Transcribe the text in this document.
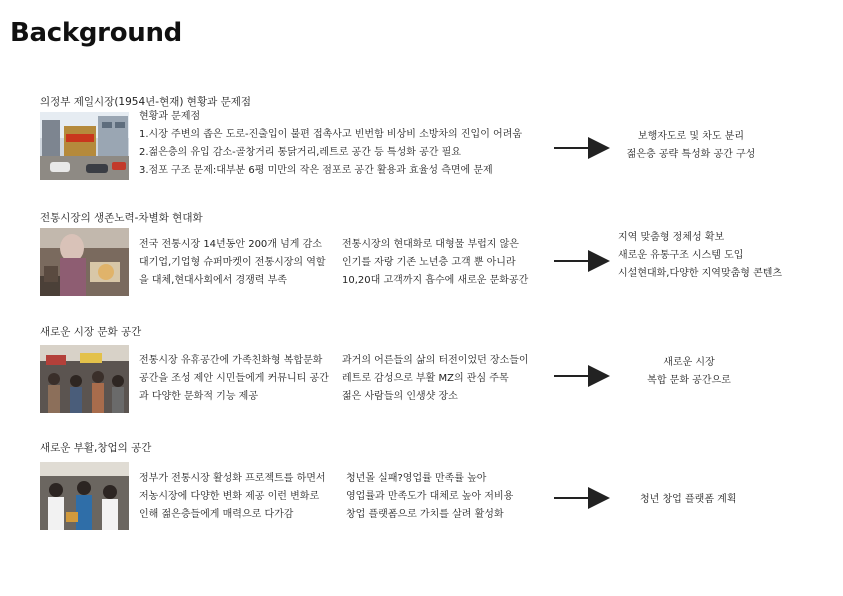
Background
의정부 제일시장(1954년-현재) 현황과 문제점
현황과 문제점
1.시장 주변의 좁은 도로-진출입이 불편 접촉사고 빈번함 비상비 소방차의 진입이 어려움
2.젊은층의 유입 감소-골창거리 통닭거리,레트로 공간 등 특성화 공간 필요
3.점포 구조 문제:대부분 6평 미만의 작은 점포로 공간 활용과 효율성 측면에 문제
보행자도로 및 차도 분리
젊은층 공략 특성화 공간 구성
전통시장의 생존노력-차별화 현대화
전국 전통시장 14년동안 200개 넘게 감소
대기업,기업형 슈퍼마켓이 전통시장의 역할
을 대체,현대사회에서 경쟁력 부족
전통시장의 현대화로 대형물 부럽지 않은
인기를 자랑 기존 노년층 고객 뿐 아니라
10,20대 고객까지 흡수에 새로운 문화공간
지역 맞춤형 정체성 확보
새로운 유통구조 시스템 도입
시설현대화,다양한 지역맞춤형 콘텐츠
새로운 시장 문화 공간
전통시장 유휴공간에 가족친화형 복합문화
공간을 조성 제안 시민들에게 커뮤니티 공간
과 다양한 문화적 기능 제공
과거의 어른들의 삶의 터전이었던 장소들이
레트로 감성으로 부활 MZ의 관심 주목
젊은 사람들의 인생샷 장소
새로운 시장
복합 문화 공간으로
새로운 부활,창업의 공간
정부가 전통시장 활성화 프로젝트를 하면서
저농시장에 다양한 변화 제공 이런 변화로
인해 젊은층들에게 매력으로 다가감
청년몰 실패?영업률 만족률 높아
영업률과 만족도가 대체로 높아 저비용
창업 플랫폼으로 가치를 살려 활성화
청년 창업 플랫폼 계획
